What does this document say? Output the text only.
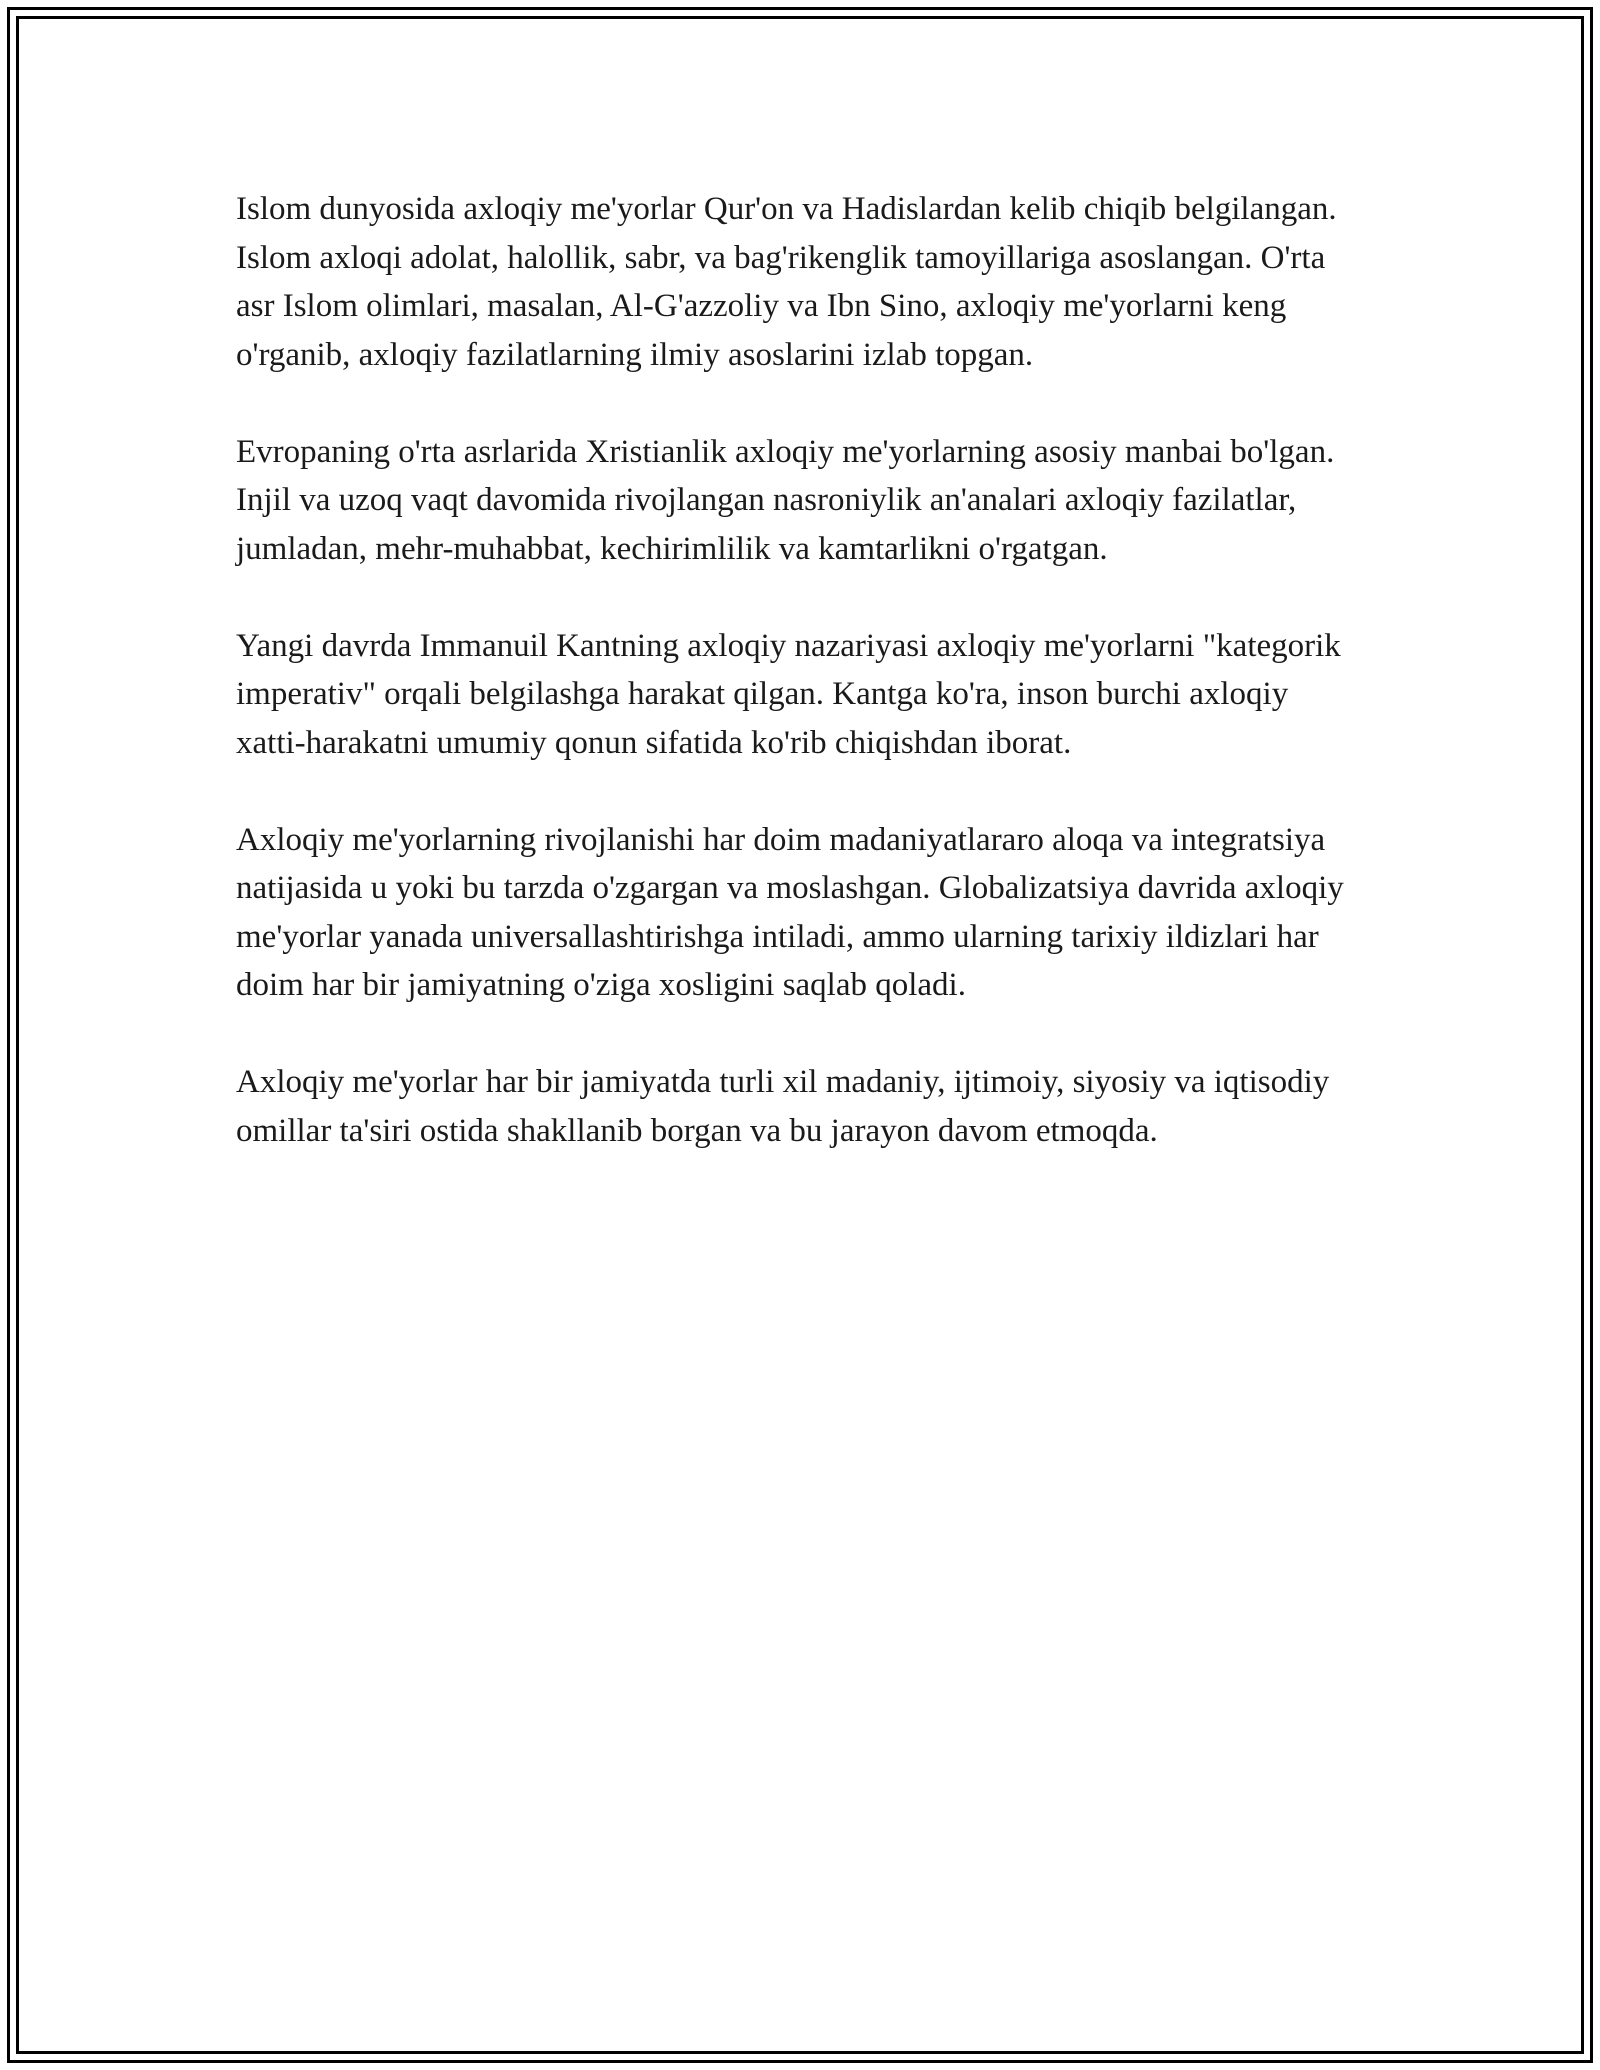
Islom dunyosida axloqiy me'yorlar Qur'on va Hadislardan kelib chiqib belgilangan. Islom axloqi adolat, halollik, sabr, va bag'rikenglik tamoyillariga asoslangan. O'rta asr Islom olimlari, masalan, Al-G'azzoliy va Ibn Sino, axloqiy me'yorlarni keng o'rganib, axloqiy fazilatlarning ilmiy asoslarini izlab topgan.

Evropaning o'rta asrlarida Xristianlik axloqiy me'yorlarning asosiy manbai bo'lgan. Injil va uzoq vaqt davomida rivojlangan nasroniylik an'analari axloqiy fazilatlar, jumladan, mehr-muhabbat, kechirimlilik va kamtarlikni o'rgatgan.

Yangi davrda Immanuil Kantning axloqiy nazariyasi axloqiy me'yorlarni "kategorik imperativ" orqali belgilashga harakat qilgan. Kantga ko'ra, inson burchi axloqiy xatti-harakatni umumiy qonun sifatida ko'rib chiqishdan iborat.

Axloqiy me'yorlarning rivojlanishi har doim madaniyatlararo aloqa va integratsiya natijasida u yoki bu tarzda o'zgargan va moslashgan. Globalizatsiya davrida axloqiy me'yorlar yanada universallashtirishga intiladi, ammo ularning tarixiy ildizlari har doim har bir jamiyatning o'ziga xosligini saqlab qoladi.

Axloqiy me'yorlar har bir jamiyatda turli xil madaniy, ijtimoiy, siyosiy va iqtisodiy omillar ta'siri ostida shakllanib borgan va bu jarayon davom etmoqda.
